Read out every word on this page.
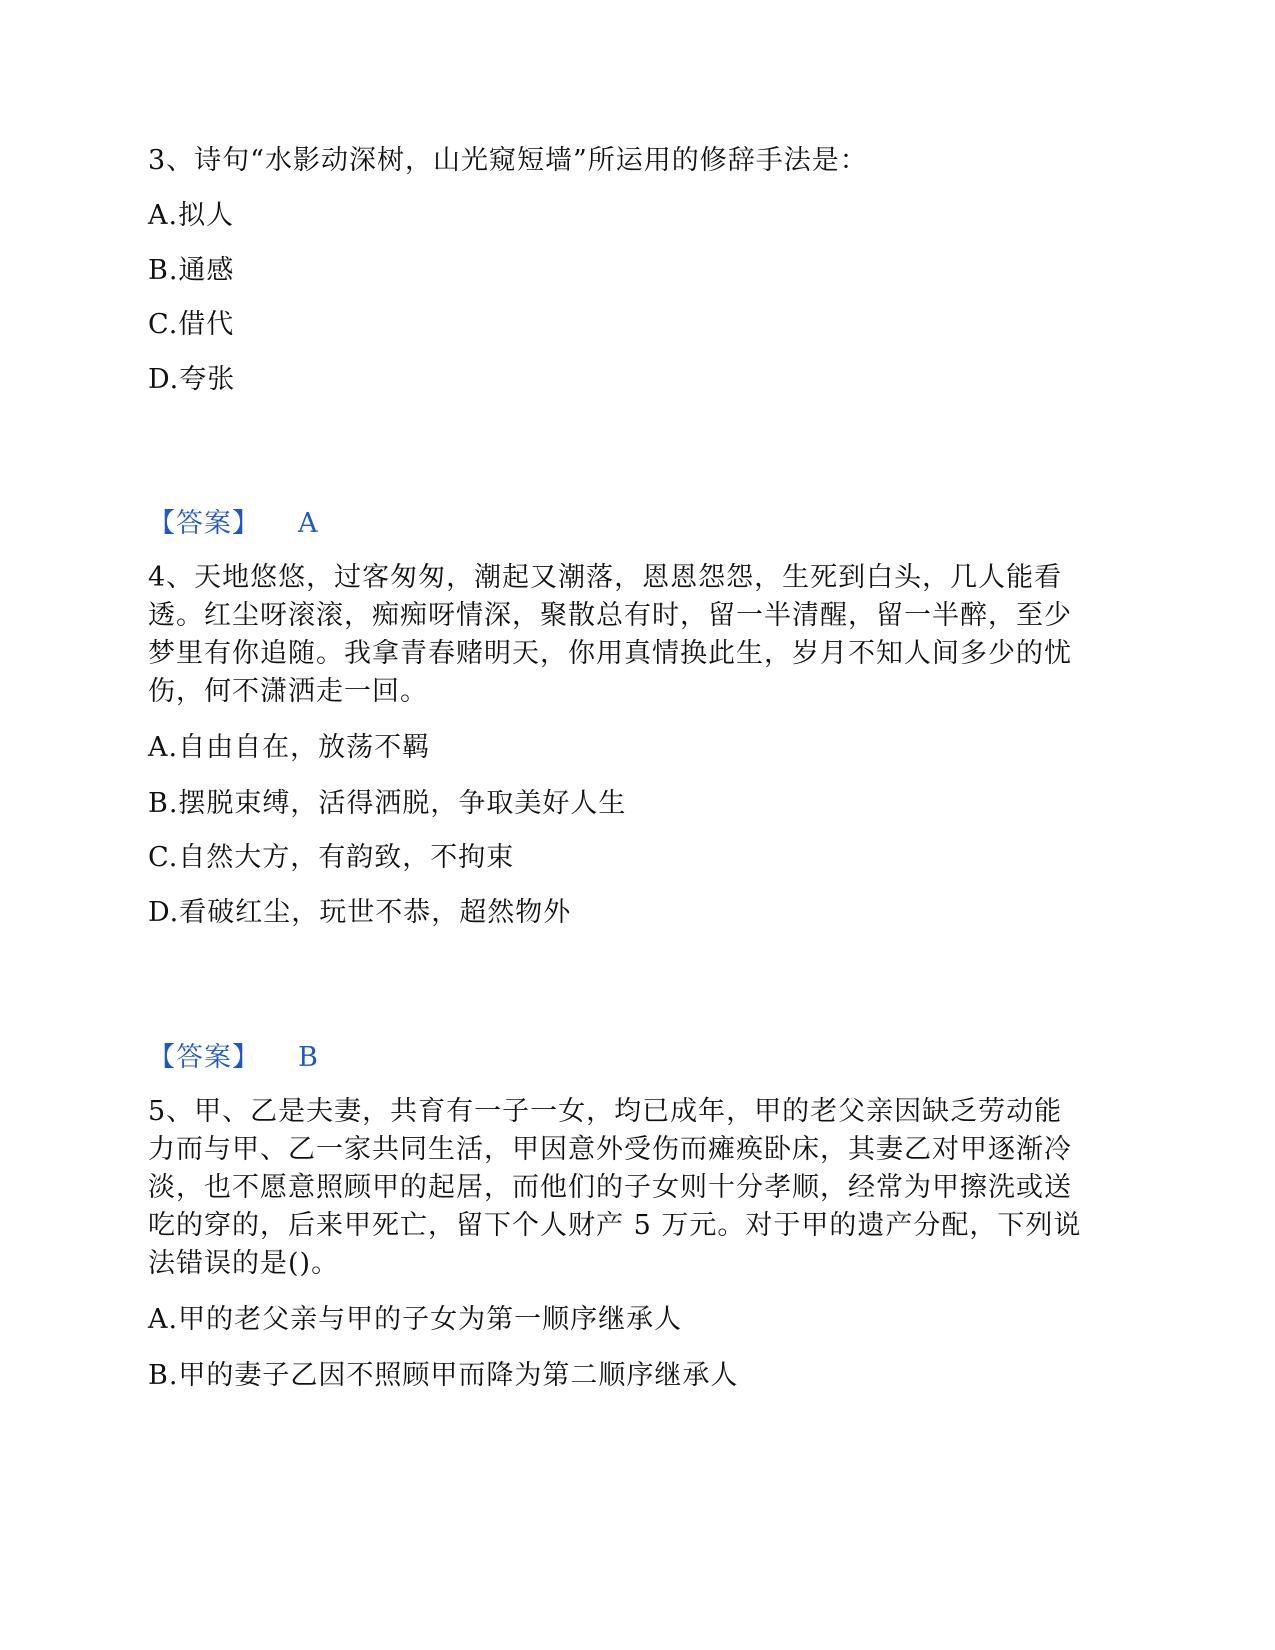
3、诗句“水影动深树，山光窥短墙”所运用的修辞手法是：
A.拟人
B.通感
C.借代
D.夸张
【答案】 A
4、天地悠悠，过客匆匆，潮起又潮落，恩恩怨怨，生死到白头，几人能看
透。红尘呀滚滚，痴痴呀情深，聚散总有时，留一半清醒，留一半醉，至少
梦里有你追随。我拿青春赌明天，你用真情换此生，岁月不知人间多少的忧
伤，何不潇洒走一回。
A.自由自在，放荡不羁
B.摆脱束缚，活得洒脱，争取美好人生
C.自然大方，有韵致，不拘束
D.看破红尘，玩世不恭，超然物外
【答案】 B
5、甲、乙是夫妻，共育有一子一女，均已成年，甲的老父亲因缺乏劳动能
力而与甲、乙一家共同生活，甲因意外受伤而瘫痪卧床，其妻乙对甲逐渐冷
淡，也不愿意照顾甲的起居，而他们的子女则十分孝顺，经常为甲擦洗或送
吃的穿的，后来甲死亡，留下个人财产 5 万元。对于甲的遗产分配，下列说
法错误的是()。
A.甲的老父亲与甲的子女为第一顺序继承人
B.甲的妻子乙因不照顾甲而降为第二顺序继承人
